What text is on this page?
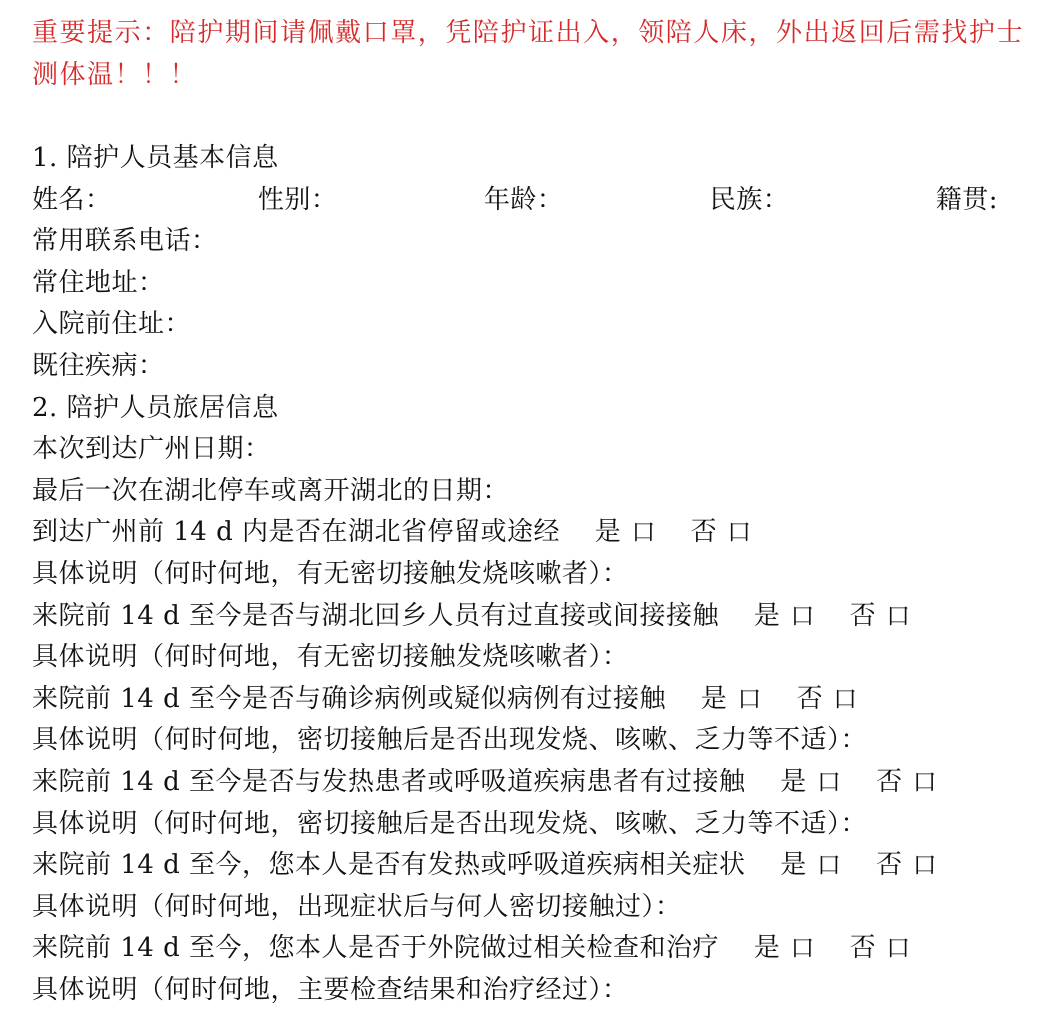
重要提示：陪护期间请佩戴口罩，凭陪护证出入，领陪人床，外出返回后需找护士测体温！！！

1. 陪护人员基本信息

姓名：	性别：	年龄：	民族：	籍贯:

常用联系电话：

常住地址：

入院前住址：

既往疾病：

2. 陪护人员旅居信息

本次到达广州日期：

最后一次在湖北停车或离开湖北的日期：

到达广州前 14 d 内是否在湖北省停留或途经 是 口 否 口

具体说明（何时何地，有无密切接触发烧咳嗽者）：

来院前 14 d 至今是否与湖北回乡人员有过直接或间接接触 是 口 否 口

具体说明（何时何地，有无密切接触发烧咳嗽者）：

来院前 14 d 至今是否与确诊病例或疑似病例有过接触 是 口 否 口

具体说明（何时何地，密切接触后是否出现发烧、咳嗽、乏力等不适）：

来院前 14 d 至今是否与发热患者或呼吸道疾病患者有过接触 是 口 否 口

具体说明（何时何地，密切接触后是否出现发烧、咳嗽、乏力等不适）：

来院前 14 d 至今，您本人是否有发热或呼吸道疾病相关症状 是 口 否 口

具体说明（何时何地，出现症状后与何人密切接触过）：

来院前 14 d 至今，您本人是否于外院做过相关检查和治疗 是 口 否 口

具体说明（何时何地，主要检查结果和治疗经过）：
